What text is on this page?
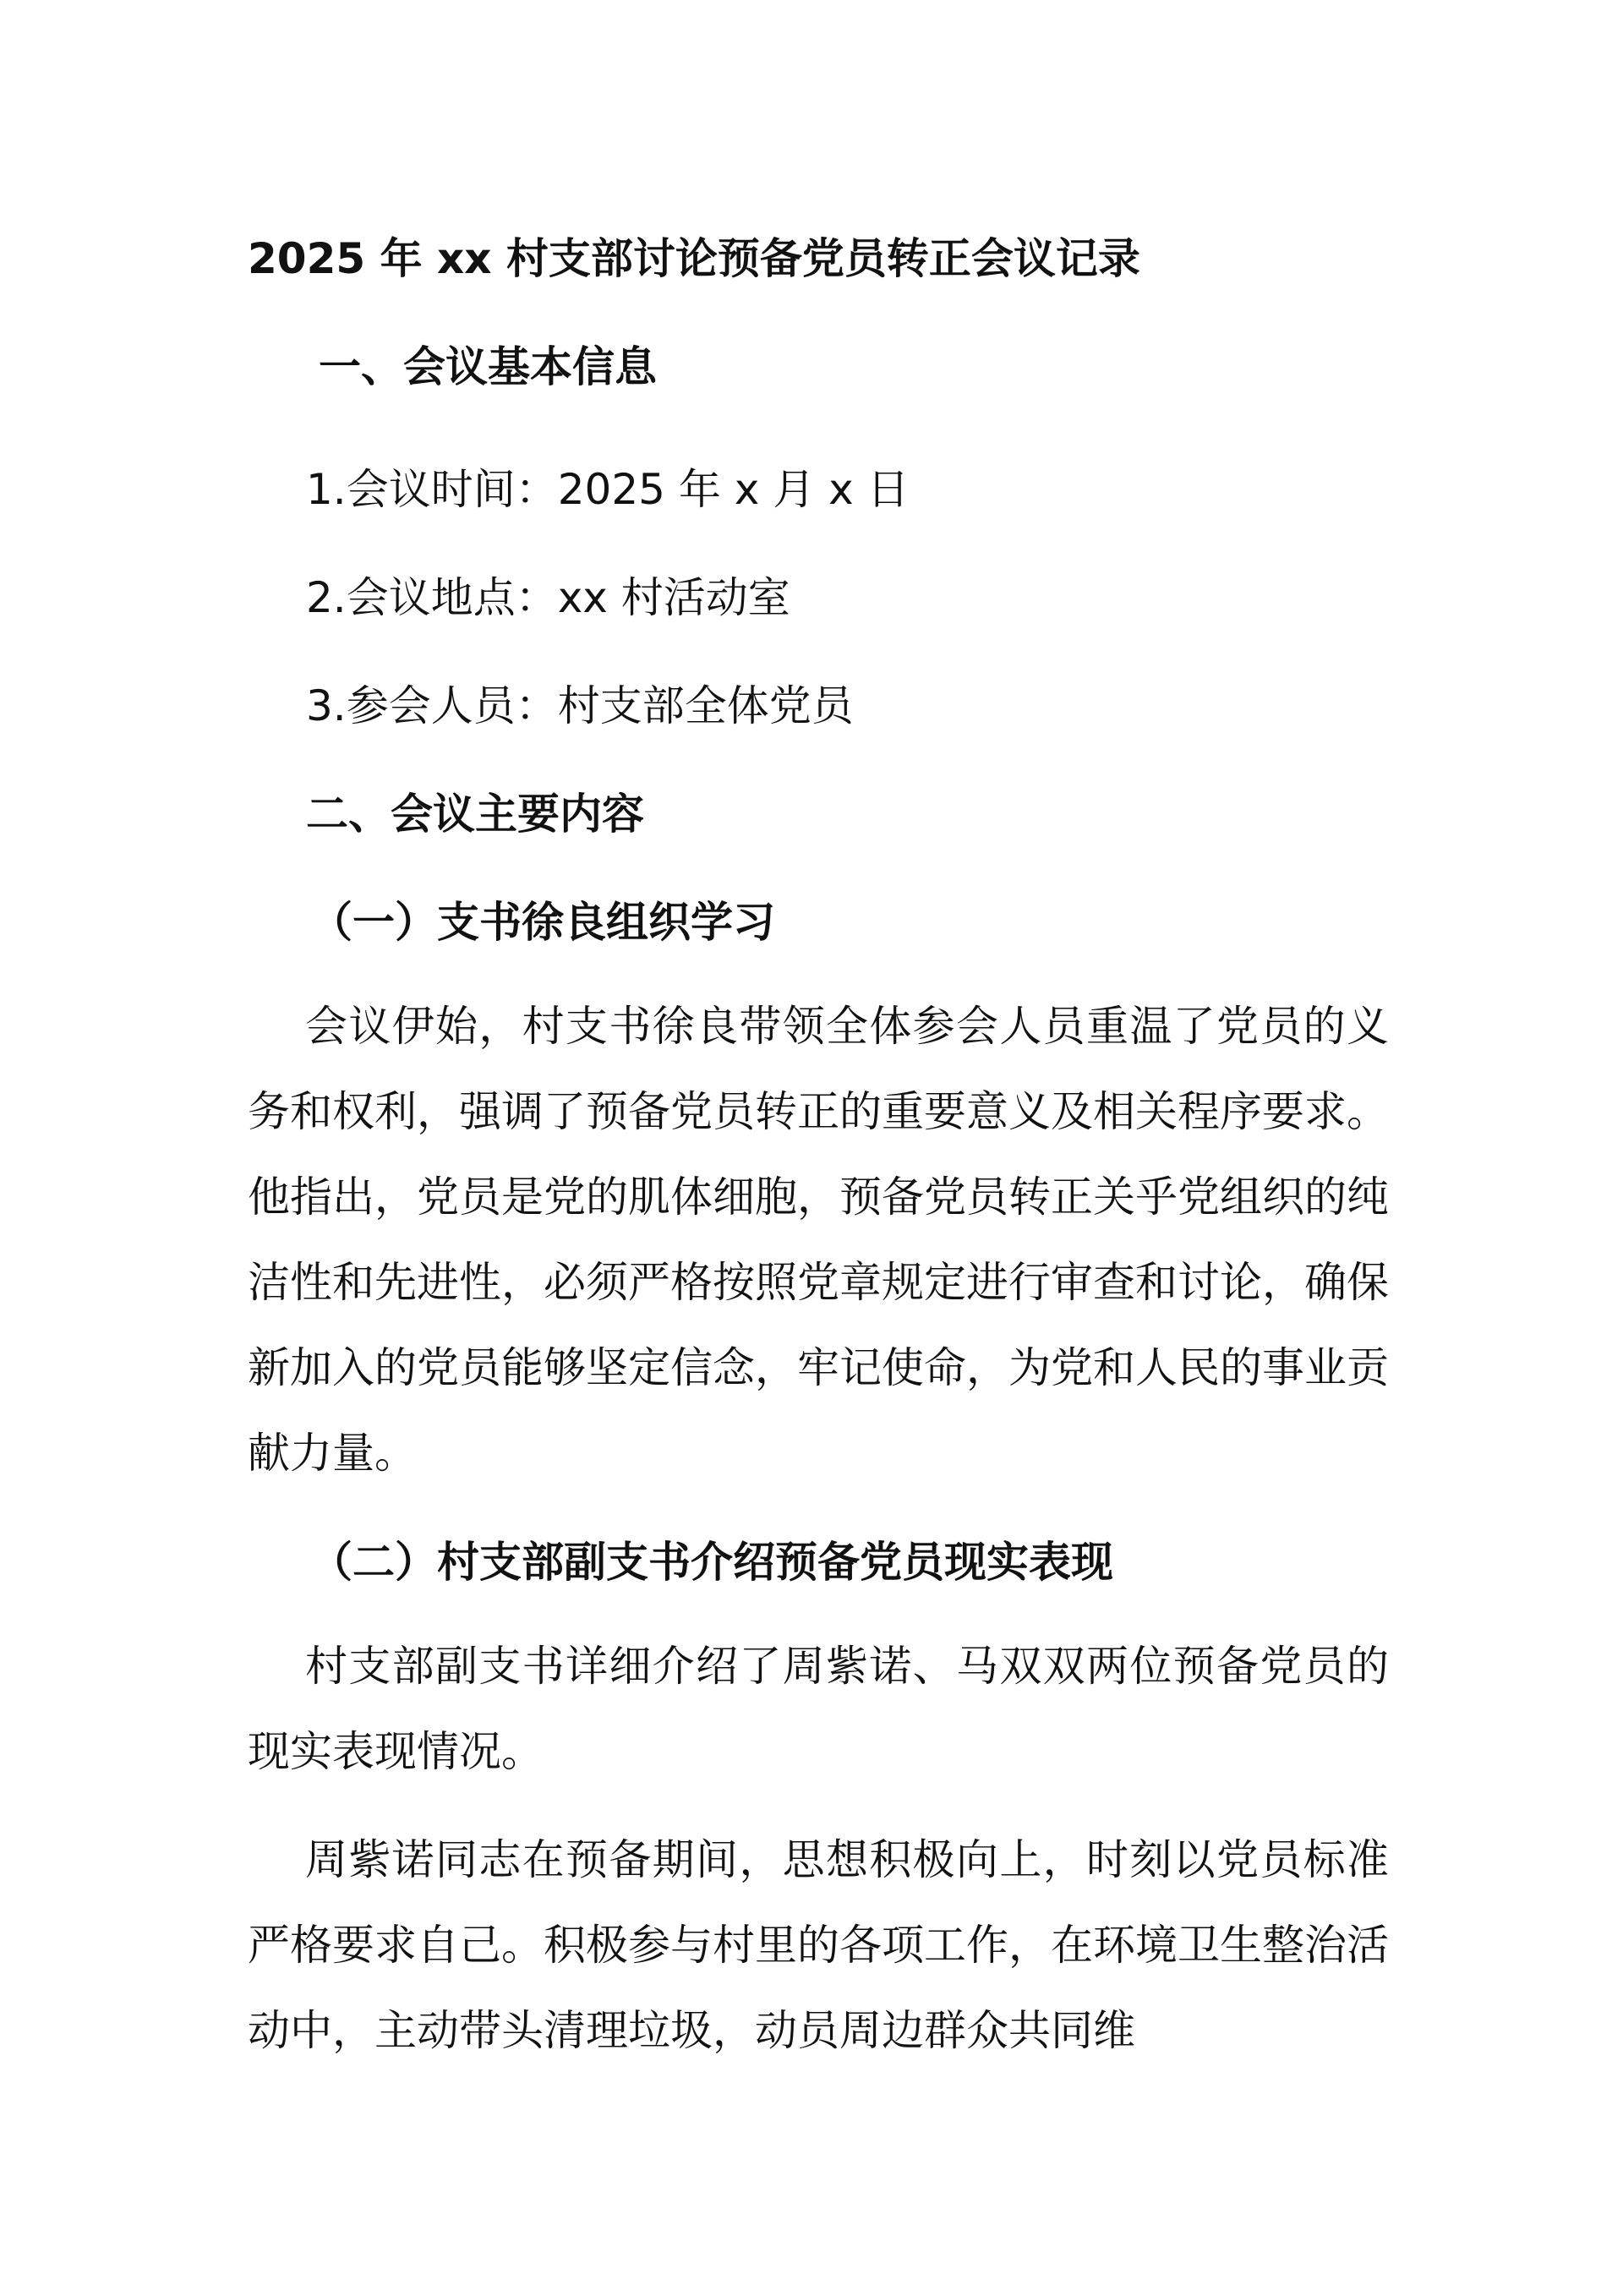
2025 年 xx 村支部讨论预备党员转正会议记录
一、会议基本信息
1.会议时间：2025 年 x 月 x 日
2.会议地点：xx 村活动室
3.参会人员：村支部全体党员
二、会议主要内容
（一）支书徐良组织学习

会议伊始，村支书徐良带领全体参会人员重温了党员的义务和权利，强调了预备党员转正的重要意义及相关程序要求。他指出，党员是党的肌体细胞，预备党员转正关乎党组织的纯洁性和先进性，必须严格按照党章规定进行审查和讨论，确保新加入的党员能够坚定信念，牢记使命，为党和人民的事业贡献力量。

（二）村支部副支书介绍预备党员现实表现

村支部副支书详细介绍了周紫诺、马双双两位预备党员的现实表现情况。

周紫诺同志在预备期间，思想积极向上，时刻以党员标准严格要求自己。积极参与村里的各项工作，在环境卫生整治活动中，主动带头清理垃圾，动员周边群众共同维
